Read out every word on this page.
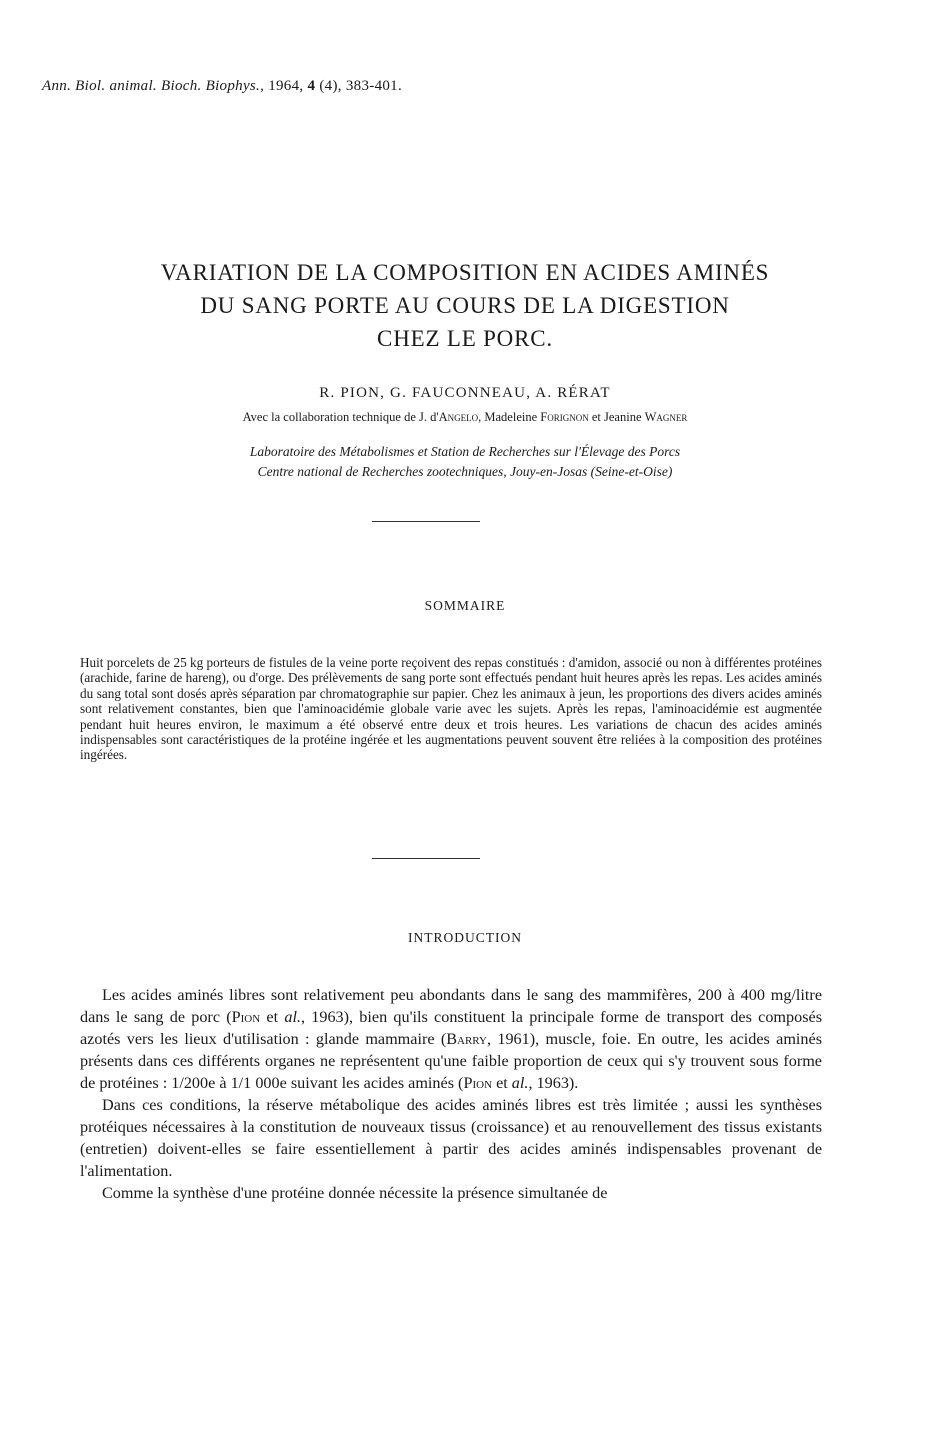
Ann. Biol. animal. Bioch. Biophys., 1964, 4 (4), 383-401.
VARIATION DE LA COMPOSITION EN ACIDES AMINÉS
DU SANG PORTE AU COURS DE LA DIGESTION
CHEZ LE PORC.
R. PION, G. FAUCONNEAU, A. RÉRAT
Avec la collaboration technique de J. d'Angelo, Madeleine Forignon et Jeanine Wagner
Laboratoire des Métabolismes et Station de Recherches sur l'Élevage des Porcs
Centre national de Recherches zootechniques, Jouy-en-Josas (Seine-et-Oise)
SOMMAIRE

Huit porcelets de 25 kg porteurs de fistules de la veine porte reçoivent des repas constitués : d'amidon, associé ou non à différentes protéines (arachide, farine de hareng), ou d'orge. Des prélèvements de sang porte sont effectués pendant huit heures après les repas. Les acides aminés du sang total sont dosés après séparation par chromatographie sur papier. Chez les animaux à jeun, les proportions des divers acides aminés sont relativement constantes, bien que l'aminoacidémie globale varie avec les sujets. Après les repas, l'aminoacidémie est augmentée pendant huit heures environ, le maximum a été observé entre deux et trois heures. Les variations de chacun des acides aminés indispensables sont caractéristiques de la protéine ingérée et les augmentations peuvent souvent être reliées à la composition des protéines ingérées.

INTRODUCTION

Les acides aminés libres sont relativement peu abondants dans le sang des mammifères, 200 à 400 mg/litre dans le sang de porc (Pion et al., 1963), bien qu'ils constituent la principale forme de transport des composés azotés vers les lieux d'utilisation : glande mammaire (Barry, 1961), muscle, foie. En outre, les acides aminés présents dans ces différents organes ne représentent qu'une faible proportion de ceux qui s'y trouvent sous forme de protéines : 1/200e à 1/1 000e suivant les acides aminés (Pion et al., 1963).

Dans ces conditions, la réserve métabolique des acides aminés libres est très limitée ; aussi les synthèses protéiques nécessaires à la constitution de nouveaux tissus (croissance) et au renouvellement des tissus existants (entretien) doivent-elles se faire essentiellement à partir des acides aminés indispensables provenant de l'alimentation.

Comme la synthèse d'une protéine donnée nécessite la présence simultanée de
